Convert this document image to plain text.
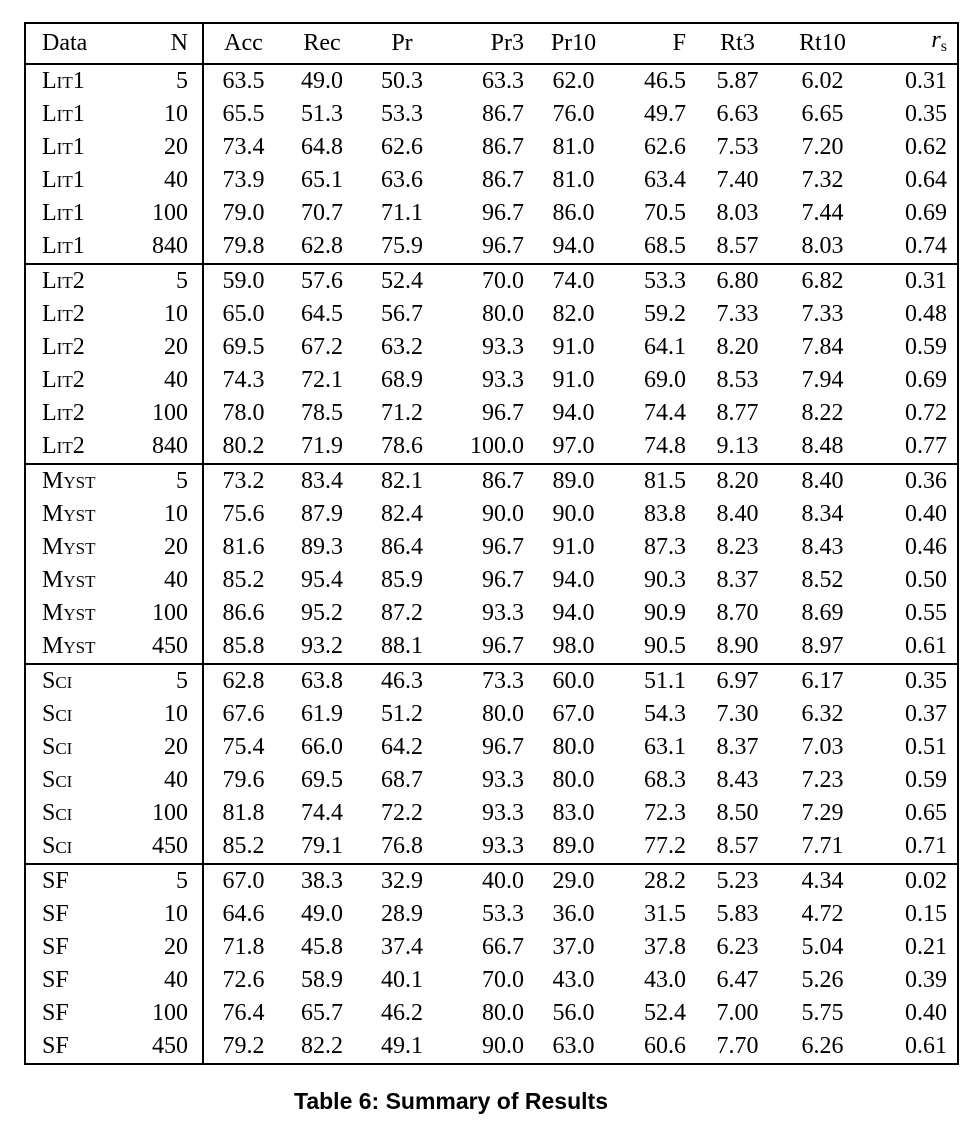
Data	N	Acc	Rec	Pr	Pr3	Pr10	F	Rt3	Rt10	$r_s$
Lit1	5	63.5	49.0	50.3	63.3	62.0	46.5	5.87	6.02	0.31
Lit1	10	65.5	51.3	53.3	86.7	76.0	49.7	6.63	6.65	0.35
Lit1	20	73.4	64.8	62.6	86.7	81.0	62.6	7.53	7.20	0.62
Lit1	40	73.9	65.1	63.6	86.7	81.0	63.4	7.40	7.32	0.64
Lit1	100	79.0	70.7	71.1	96.7	86.0	70.5	8.03	7.44	0.69
Lit1	840	79.8	62.8	75.9	96.7	94.0	68.5	8.57	8.03	0.74
Lit2	5	59.0	57.6	52.4	70.0	74.0	53.3	6.80	6.82	0.31
Lit2	10	65.0	64.5	56.7	80.0	82.0	59.2	7.33	7.33	0.48
Lit2	20	69.5	67.2	63.2	93.3	91.0	64.1	8.20	7.84	0.59
Lit2	40	74.3	72.1	68.9	93.3	91.0	69.0	8.53	7.94	0.69
Lit2	100	78.0	78.5	71.2	96.7	94.0	74.4	8.77	8.22	0.72
Lit2	840	80.2	71.9	78.6	100.0	97.0	74.8	9.13	8.48	0.77
Myst	5	73.2	83.4	82.1	86.7	89.0	81.5	8.20	8.40	0.36
Myst	10	75.6	87.9	82.4	90.0	90.0	83.8	8.40	8.34	0.40
Myst	20	81.6	89.3	86.4	96.7	91.0	87.3	8.23	8.43	0.46
Myst	40	85.2	95.4	85.9	96.7	94.0	90.3	8.37	8.52	0.50
Myst	100	86.6	95.2	87.2	93.3	94.0	90.9	8.70	8.69	0.55
Myst	450	85.8	93.2	88.1	96.7	98.0	90.5	8.90	8.97	0.61
Sci	5	62.8	63.8	46.3	73.3	60.0	51.1	6.97	6.17	0.35
Sci	10	67.6	61.9	51.2	80.0	67.0	54.3	7.30	6.32	0.37
Sci	20	75.4	66.0	64.2	96.7	80.0	63.1	8.37	7.03	0.51
Sci	40	79.6	69.5	68.7	93.3	80.0	68.3	8.43	7.23	0.59
Sci	100	81.8	74.4	72.2	93.3	83.0	72.3	8.50	7.29	0.65
Sci	450	85.2	79.1	76.8	93.3	89.0	77.2	8.57	7.71	0.71
SF	5	67.0	38.3	32.9	40.0	29.0	28.2	5.23	4.34	0.02
SF	10	64.6	49.0	28.9	53.3	36.0	31.5	5.83	4.72	0.15
SF	20	71.8	45.8	37.4	66.7	37.0	37.8	6.23	5.04	0.21
SF	40	72.6	58.9	40.1	70.0	43.0	43.0	6.47	5.26	0.39
SF	100	76.4	65.7	46.2	80.0	56.0	52.4	7.00	5.75	0.40
SF	450	79.2	82.2	49.1	90.0	63.0	60.6	7.70	6.26	0.61
Table 6: Summary of Results
